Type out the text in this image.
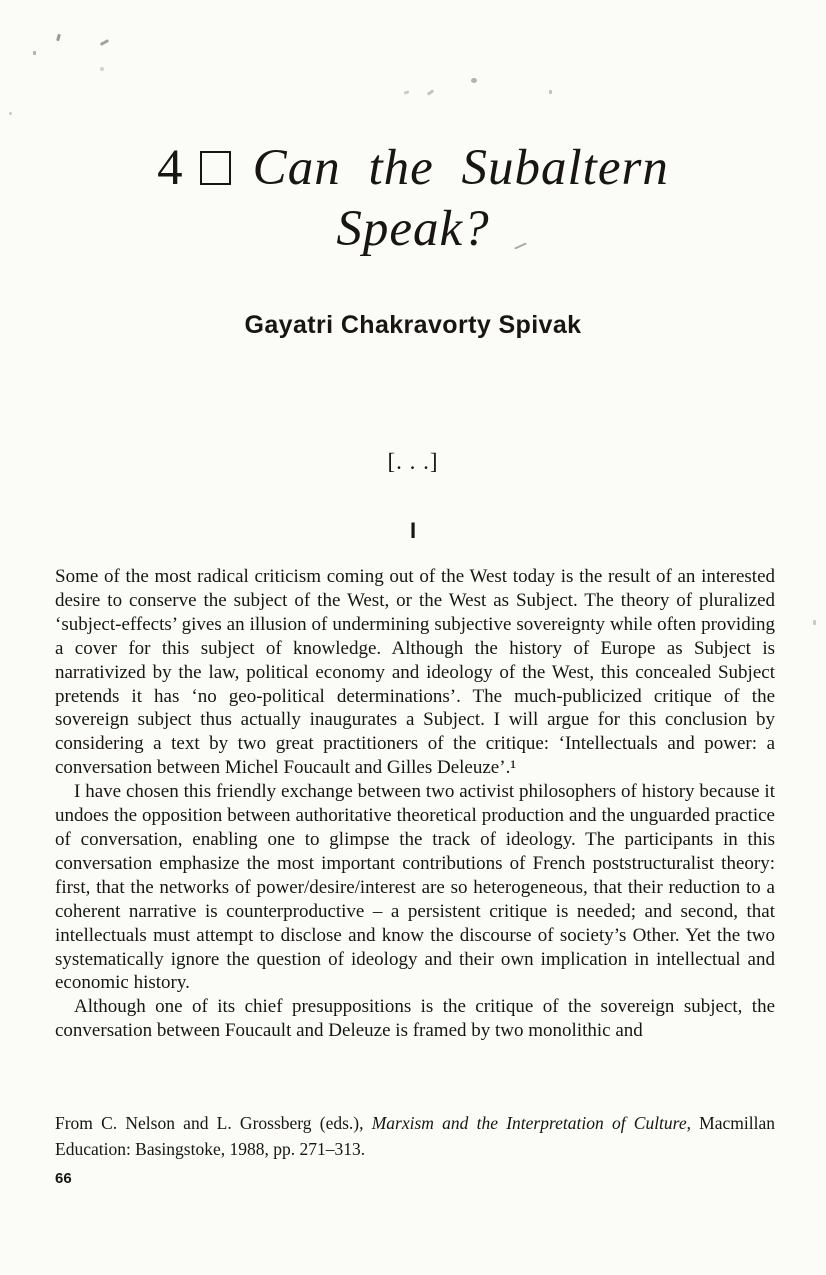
4 Can the Subaltern
Speak?
Gayatri Chakravorty Spivak
[. . .]
I

Some of the most radical criticism coming out of the West today is the result of an interested desire to conserve the subject of the West, or the West as Subject. The theory of pluralized ‘subject-effects’ gives an illusion of undermining subjective sovereignty while often providing a cover for this subject of knowledge. Although the history of Europe as Subject is narrativized by the law, political economy and ideology of the West, this concealed Subject pretends it has ‘no geo-political determinations’. The much-publicized critique of the sovereign subject thus actually inaugurates a Subject. I will argue for this conclusion by considering a text by two great practitioners of the critique: ‘Intellectuals and power: a conversation between Michel Foucault and Gilles Deleuze’.¹

I have chosen this friendly exchange between two activist philosophers of history because it undoes the opposition between authoritative theoretical production and the unguarded practice of conversation, enabling one to glimpse the track of ideology. The participants in this conversation emphasize the most important contributions of French poststructuralist theory: first, that the networks of power/desire/interest are so heterogeneous, that their reduction to a coherent narrative is counterproductive – a persistent critique is needed; and second, that intellectuals must attempt to disclose and know the discourse of society’s Other. Yet the two systematically ignore the question of ideology and their own implication in intellectual and economic history.

Although one of its chief presuppositions is the critique of the sovereign subject, the conversation between Foucault and Deleuze is framed by two monolithic and

From C. Nelson and L. Grossberg (eds.), Marxism and the Interpretation of Culture, Macmillan Education: Basingstoke, 1988, pp. 271–313.

66
